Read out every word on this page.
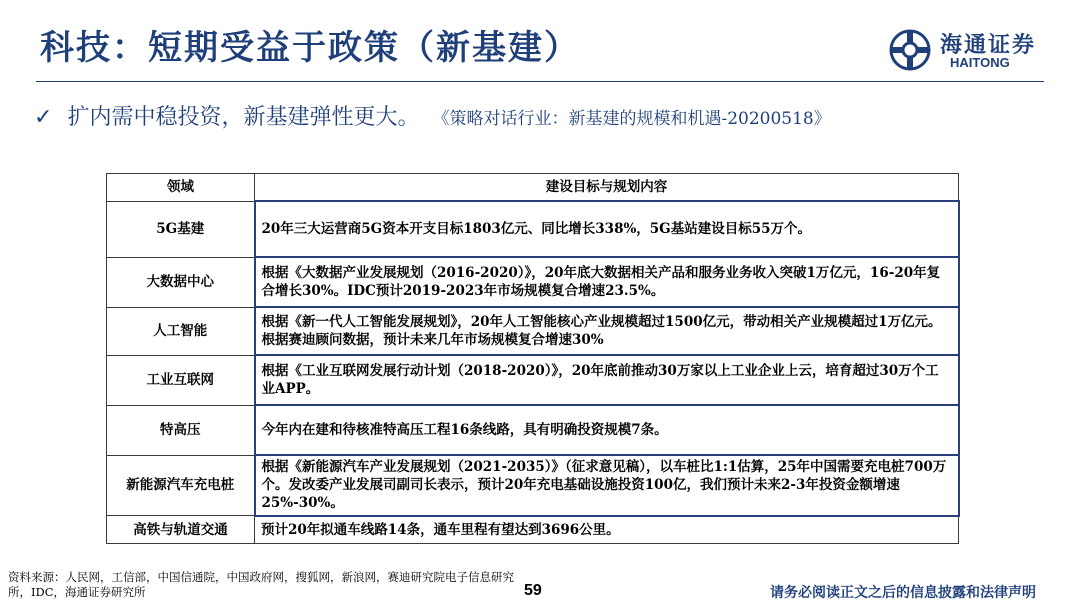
科技：短期受益于政策（新基建）	海通证券
HAITONG
✓ 扩内需中稳投资，新基建弹性更大。 《策略对话行业：新基建的规模和机遇-20200518》
领域	建设目标与规划内容
5G基建	20年三大运营商5G资本开支目标1803亿元、同比增长338%，5G基站建设目标55万个。
大数据中心	根据《大数据产业发展规划（2016-2020）》，20年底大数据相关产品和服务业务收入突破1万亿元，16-20年复合增长30%。IDC预计2019-2023年市场规模复合增速23.5%。
人工智能	根据《新一代人工智能发展规划》，20年人工智能核心产业规模超过1500亿元，带动相关产业规模超过1万亿元。根据赛迪顾问数据，预计未来几年市场规模复合增速30%
工业互联网	根据《工业互联网发展行动计划（2018-2020）》，20年底前推动30万家以上工业企业上云，培育超过30万个工业APP。
特高压	今年内在建和待核准特高压工程16条线路，具有明确投资规模7条。
新能源汽车充电桩	根据《新能源汽车产业发展规划（2021-2035）》（征求意见稿），以车桩比1:1估算，25年中国需要充电桩700万个。发改委产业发展司副司长表示，预计20年充电基础设施投资100亿，我们预计未来2-3年投资金额增速25%-30%。
高铁与轨道交通	预计20年拟通车线路14条，通车里程有望达到3696公里。
资料来源：人民网，工信部，中国信通院，中国政府网，搜狐网，新浪网，赛迪研究院电子信息研究所，IDC，海通证券研究所	59	请务必阅读正文之后的信息披露和法律声明
